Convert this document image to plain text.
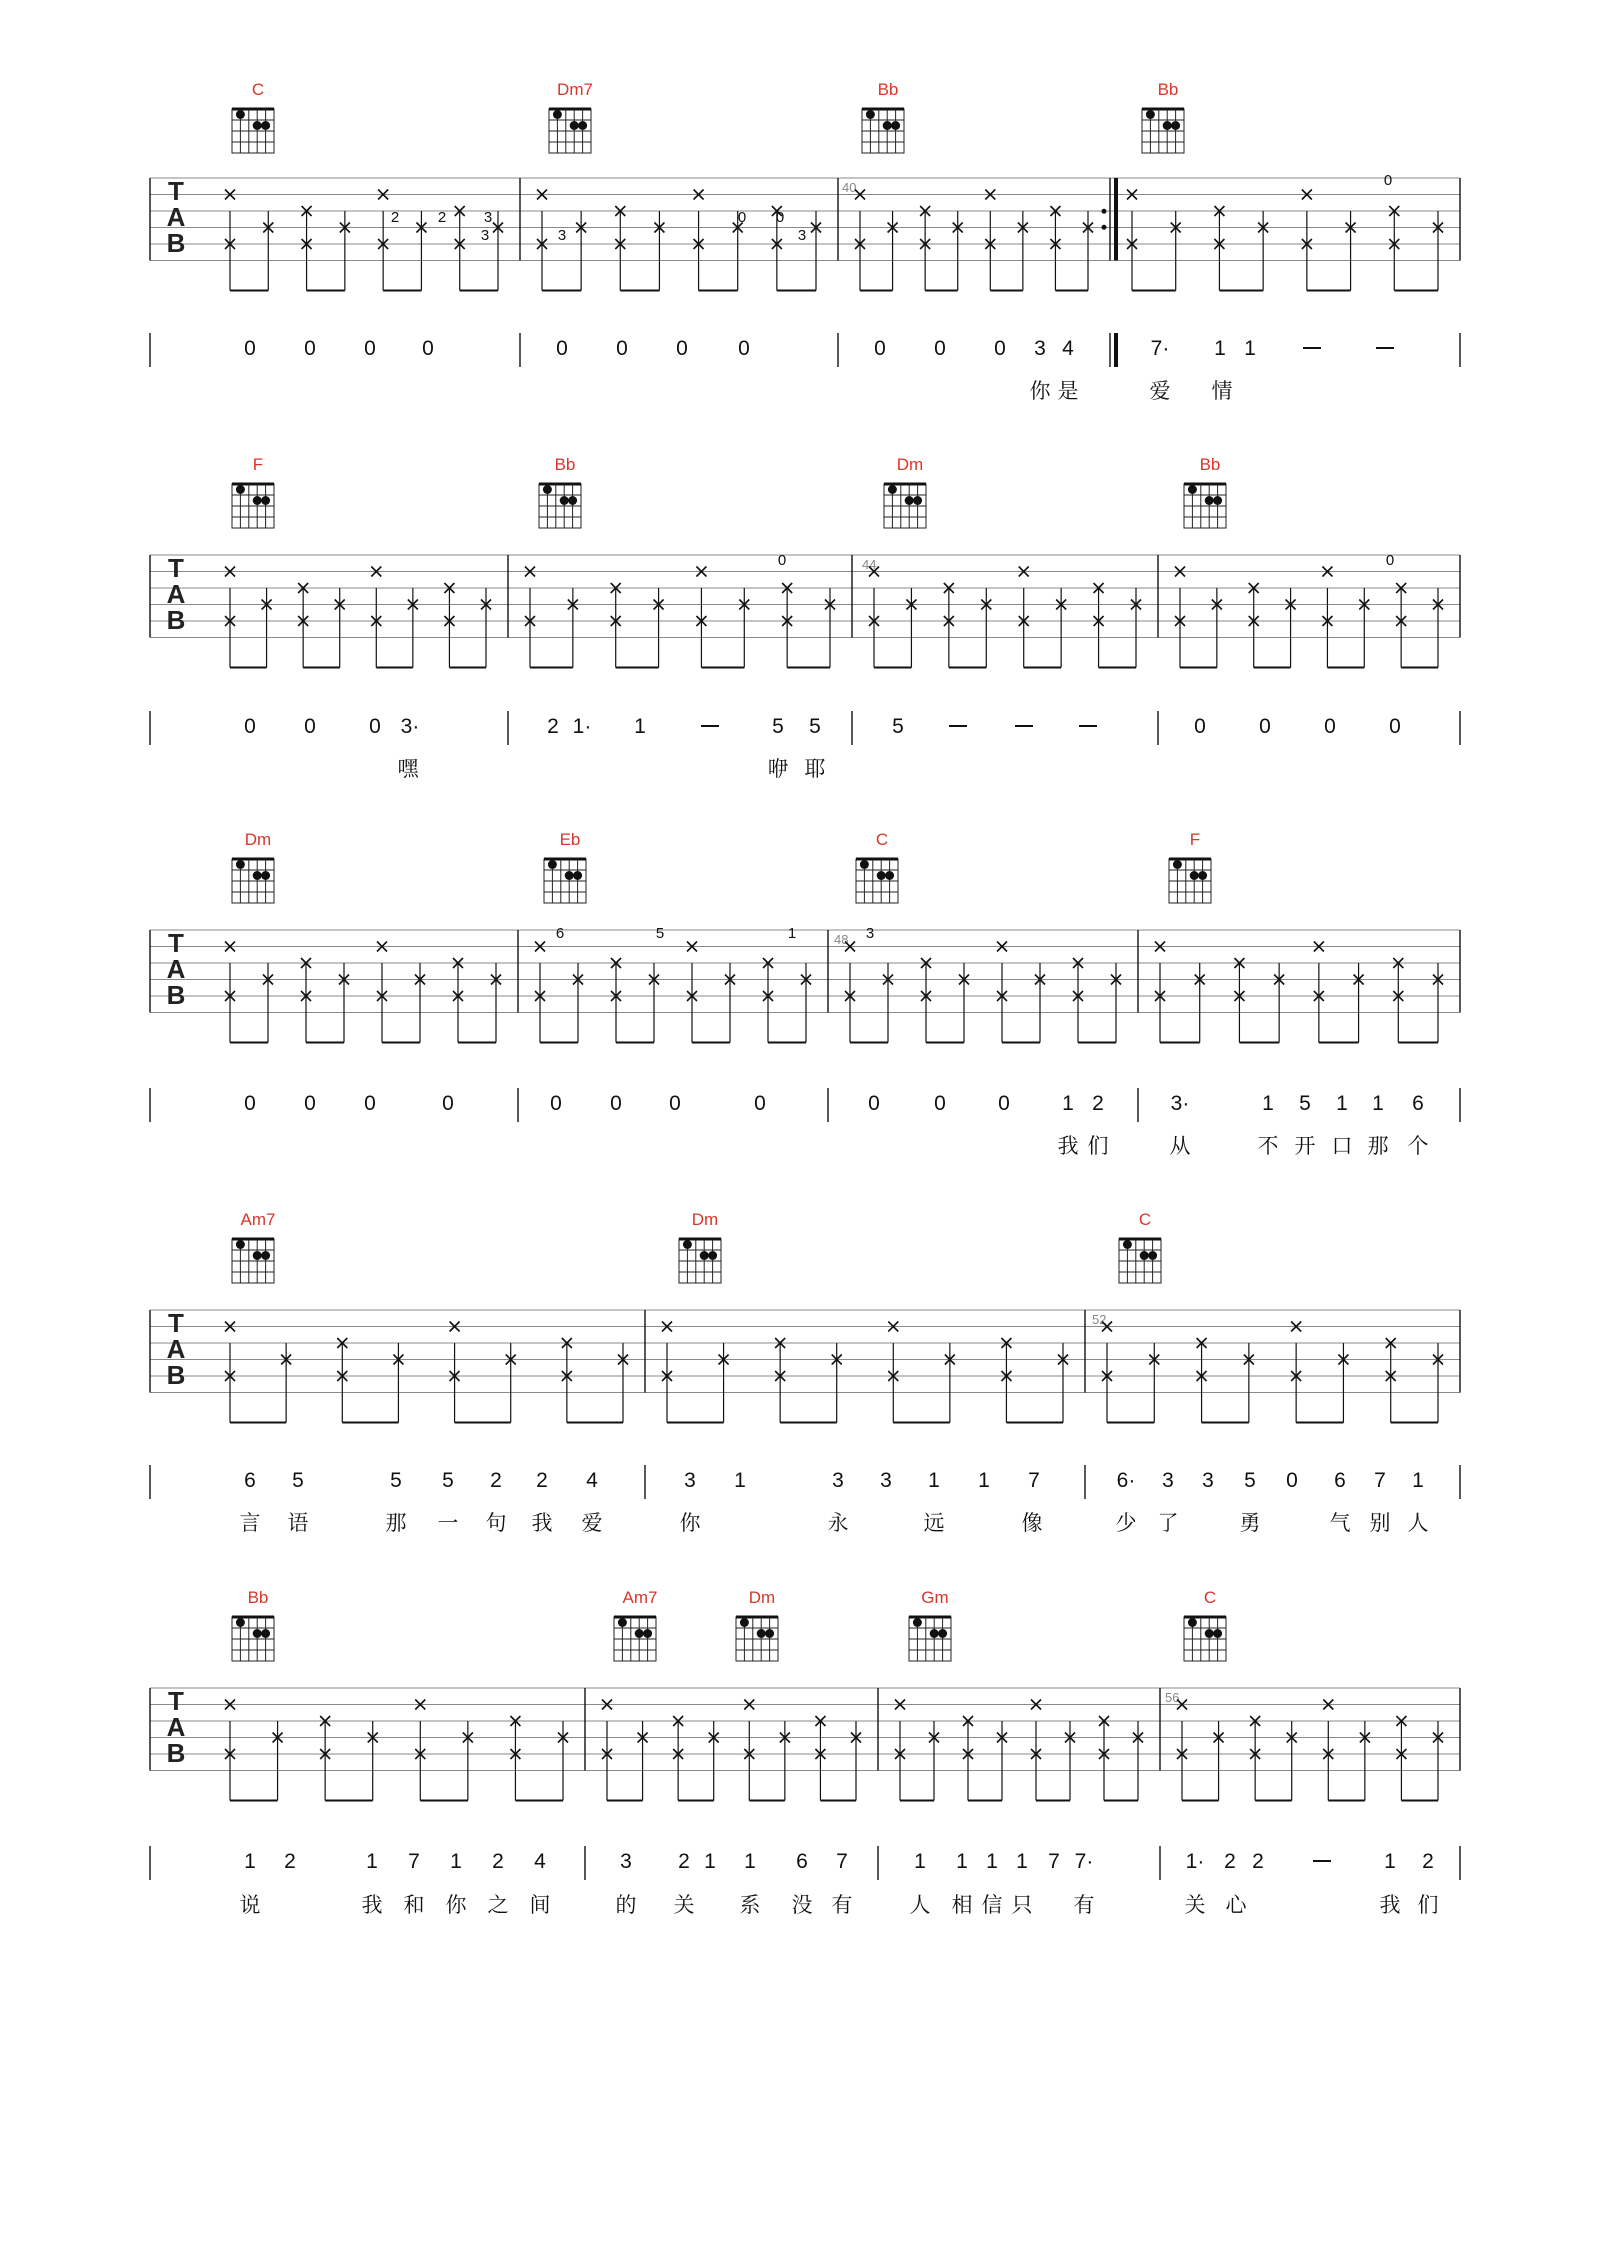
T
A
B
C	Dm7	Bb	Bb
40
2	2	3
3	3
0 0
3
0
0 0 0 0	0 0 0 0	0 0 0 3 4	7· 1 1
你 是	爱 情
T
A
B
F	Bb	Dm	Bb
44
0	0
0 0	0 3·	2 1· 1	5 5	5	0	0	0	0
嘿	咿 耶
T
A
B
Dm	Eb	C	F
48
6	5	1	3
0 0 0	0	0 0 0	0	0	0 0 1 2	3·	1 5 1 1 6
我 们	从	不 开 口 那 个
T
A
B
Am7	Dm	C
52
6 5	5 5 2 2 4	3 1	3 3 1 1 7	6· 3 3 5 0 6 7 1
言 语	那 一 句 我 爱	你	永	远	像	少 了	勇	气 别 人
T
A
B
Bb	Am7	Dm	Gm	C
56
1 2	1 7 1 2 4	3 2 1 1 6 7	1 1 1 1 7 7·	1· 2 2	1 2
说	我 和 你 之 间	的 关 系 没 有	人 相 信 只 有	关 心	我 们
